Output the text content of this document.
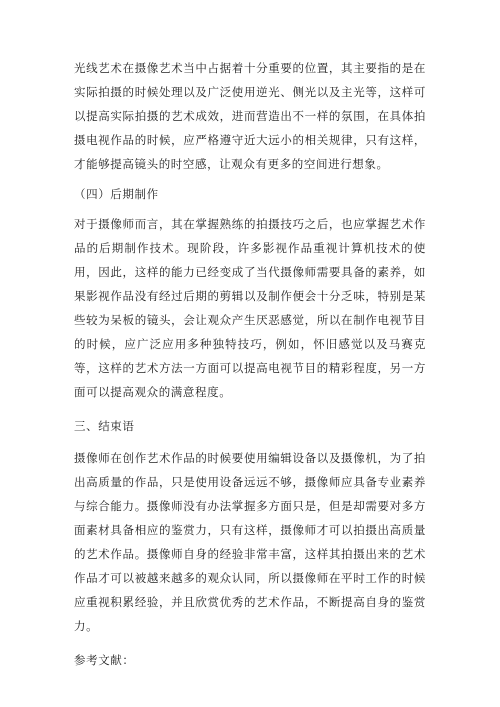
光线艺术在摄像艺术当中占据着十分重要的位置，其主要指的是在实际拍摄的时候处理以及广泛使用逆光、侧光以及主光等，这样可以提高实际拍摄的艺术成效，进而营造出不一样的氛围，在具体拍摄电视作品的时候，应严格遵守近大远小的相关规律，只有这样，才能够提高镜头的时空感，让观众有更多的空间进行想象。

（四）后期制作

对于摄像师而言，其在掌握熟练的拍摄技巧之后，也应掌握艺术作品的后期制作技术。现阶段，许多影视作品重视计算机技术的使用，因此，这样的能力已经变成了当代摄像师需要具备的素养，如果影视作品没有经过后期的剪辑以及制作便会十分乏味，特别是某些较为呆板的镜头，会让观众产生厌恶感觉，所以在制作电视节目的时候，应广泛应用多种独特技巧，例如，怀旧感觉以及马赛克等，这样的艺术方法一方面可以提高电视节目的精彩程度，另一方面可以提高观众的满意程度。

三、结束语

摄像师在创作艺术作品的时候要使用编辑设备以及摄像机，为了拍出高质量的作品，只是使用设备远远不够，摄像师应具备专业素养与综合能力。摄像师没有办法掌握多方面只是，但是却需要对多方面素材具备相应的鉴赏力，只有这样，摄像师才可以拍摄出高质量的艺术作品。摄像师自身的经验非常丰富，这样其拍摄出来的艺术作品才可以被越来越多的观众认同，所以摄像师在平时工作的时候应重视积累经验，并且欣赏优秀的艺术作品，不断提高自身的鉴赏力。

参考文献：
